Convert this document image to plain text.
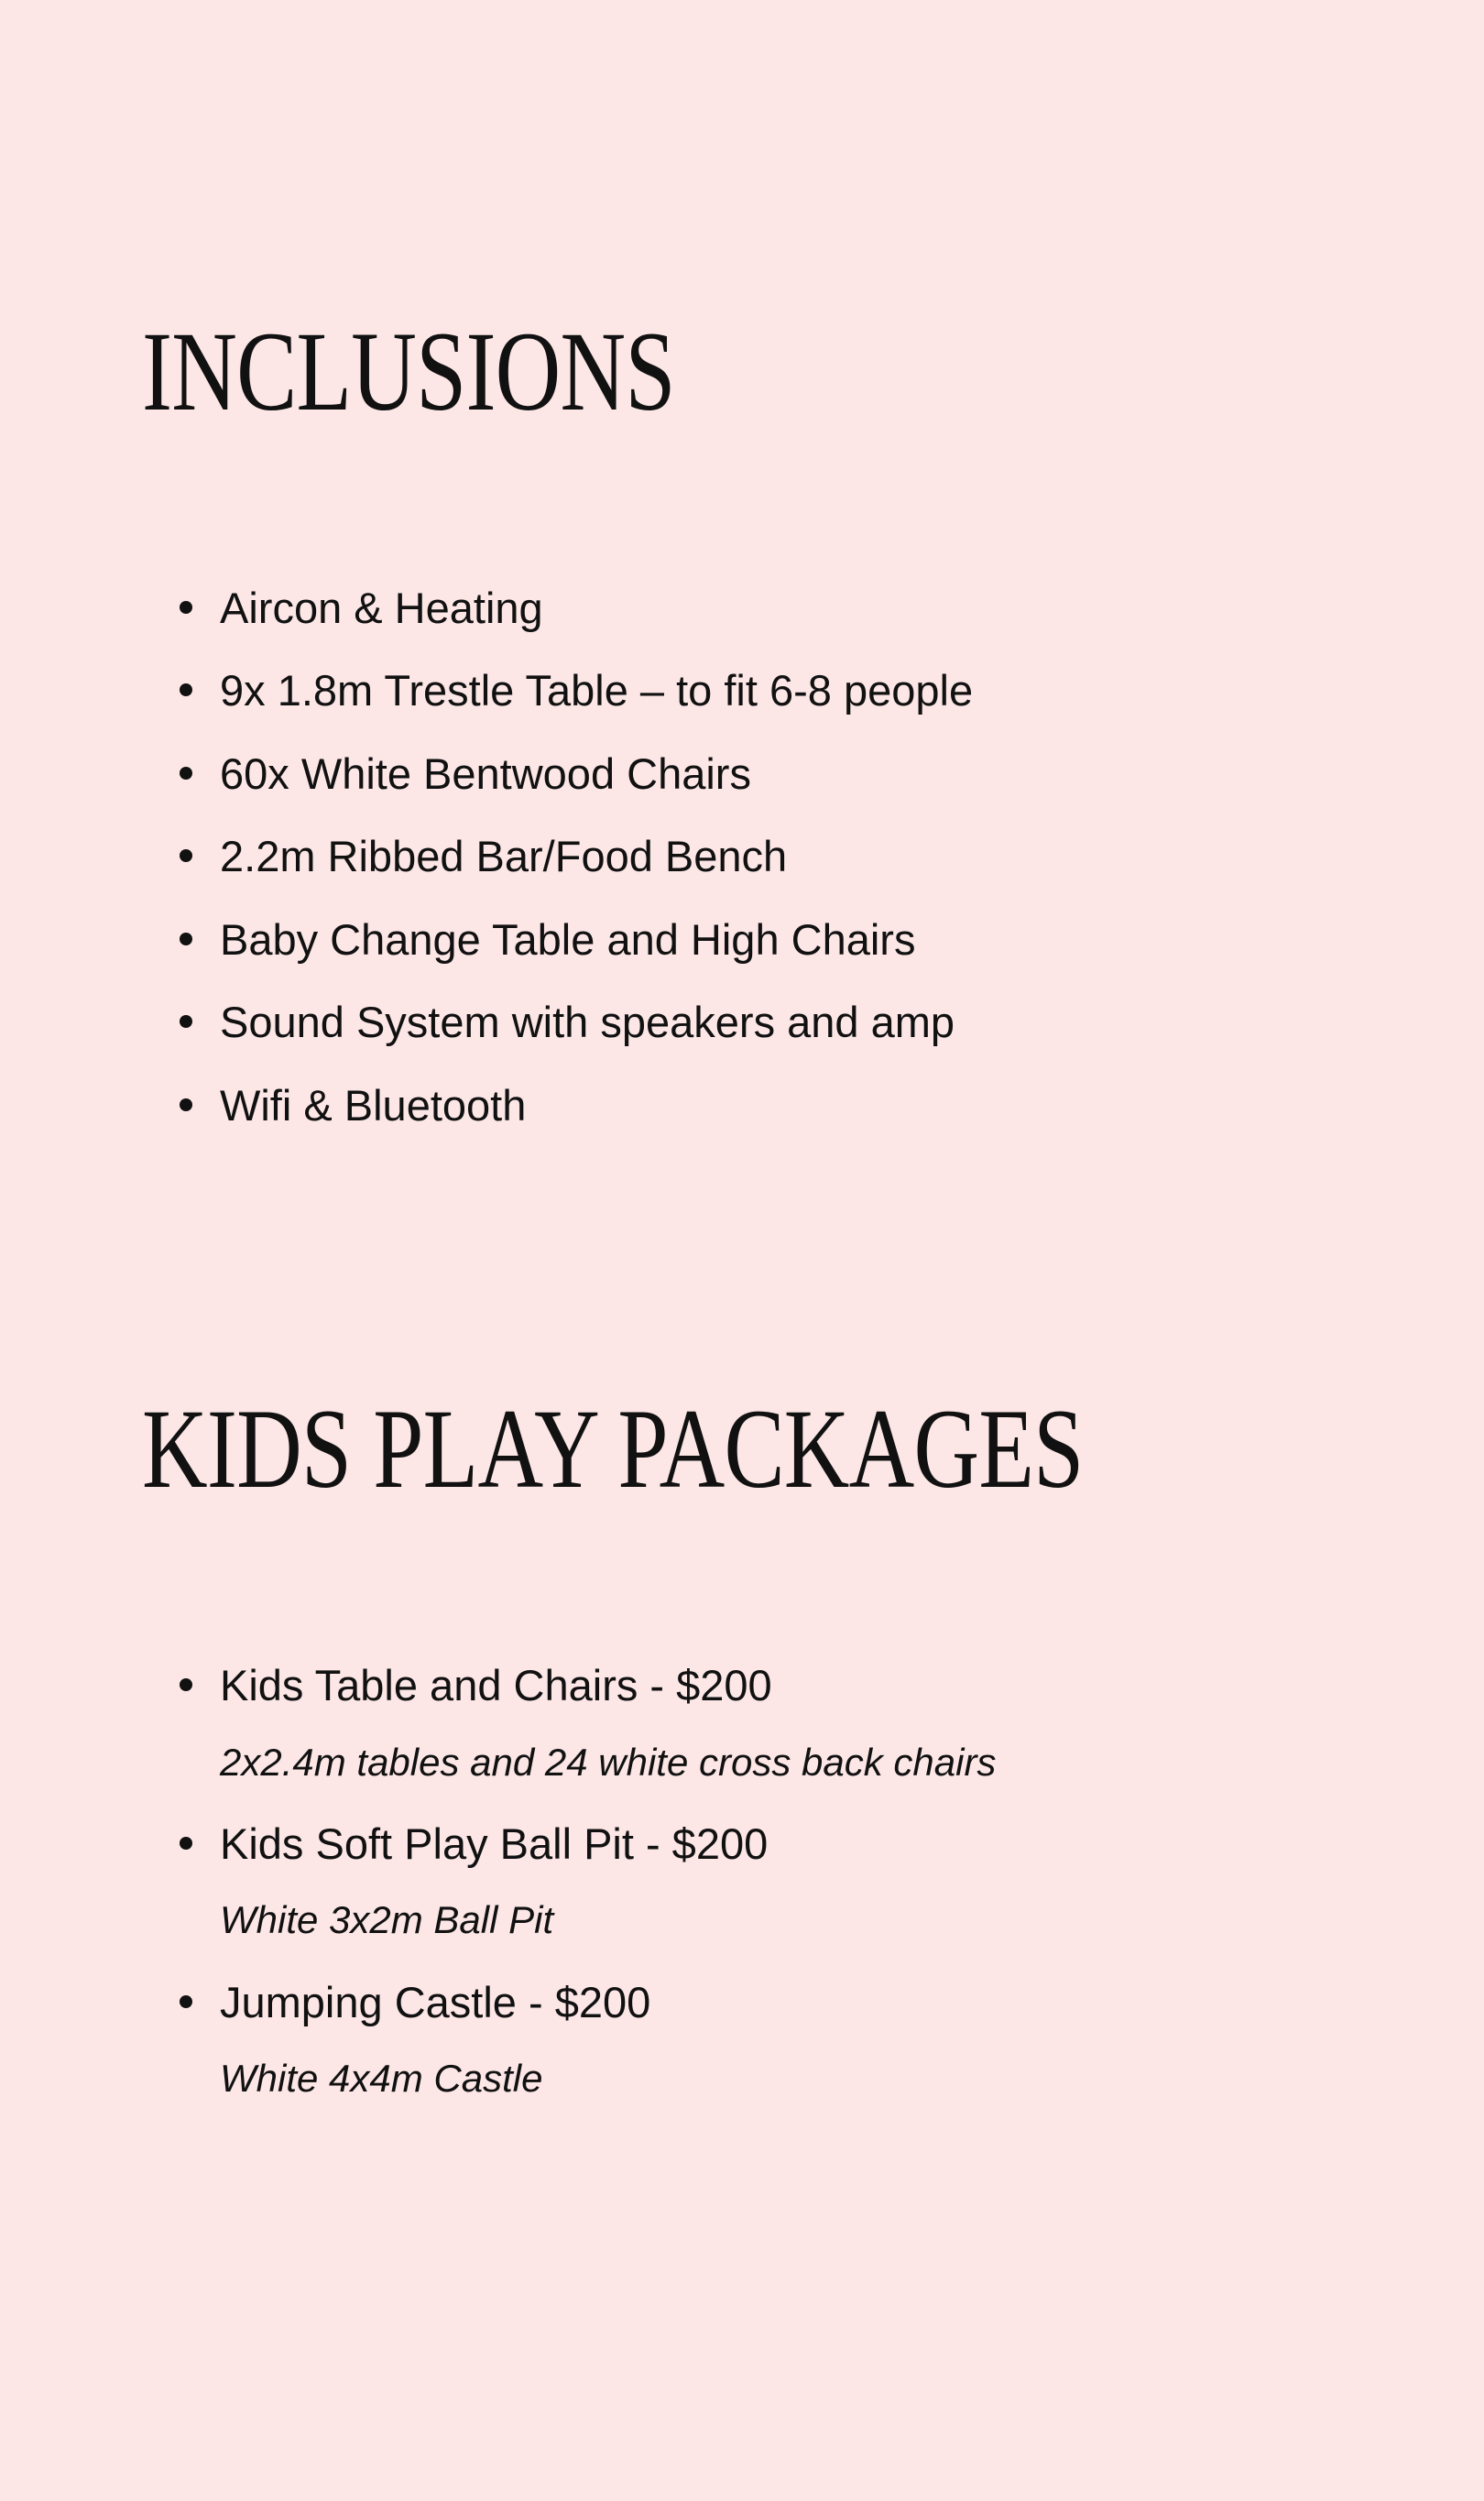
INCLUSIONS
Aircon & Heating
9x 1.8m Trestle Table – to fit 6-8 people
60x White Bentwood Chairs
2.2m Ribbed Bar/Food Bench
Baby Change Table and High Chairs
Sound System with speakers and amp
Wifi & Bluetooth
KIDS PLAY PACKAGES
Kids Table and Chairs - $200
2x2.4m tables and 24 white cross back chairs
Kids Soft Play Ball Pit - $200
White 3x2m Ball Pit
Jumping Castle - $200
White 4x4m Castle
